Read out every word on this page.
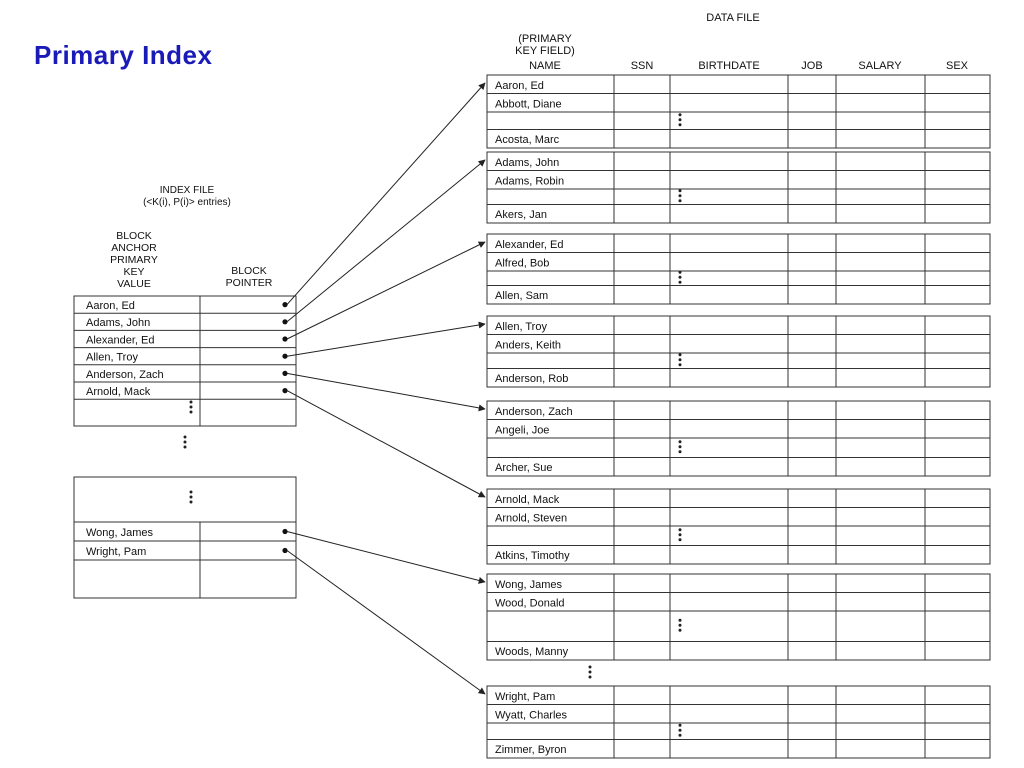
Primary Index
DATA FILE
(PRIMARY KEY FIELD)
NAME	SSN	BIRTHDATE	JOB	SALARY	SEX
Aaron, Ed
Abbott, Diane
Acosta, Marc
Adams, John
Adams, Robin
Akers, Jan
Alexander, Ed
Alfred, Bob
Allen, Sam
Allen, Troy
Anders, Keith
Anderson, Rob
Anderson, Zach
Angeli, Joe
Archer, Sue
Arnold, Mack
Arnold, Steven
Atkins, Timothy
Wong, James
Wood, Donald
Woods, Manny
Wright, Pam
Wyatt, Charles
Zimmer, Byron
INDEX FILE (<K(i), P(i)> entries)
BLOCK ANCHOR PRIMARY KEY VALUE
BLOCK POINTER
Aaron, Ed
Adams, John
Alexander, Ed
Allen, Troy
Anderson, Zach
Arnold, Mack
Wong, James
Wright, Pam
